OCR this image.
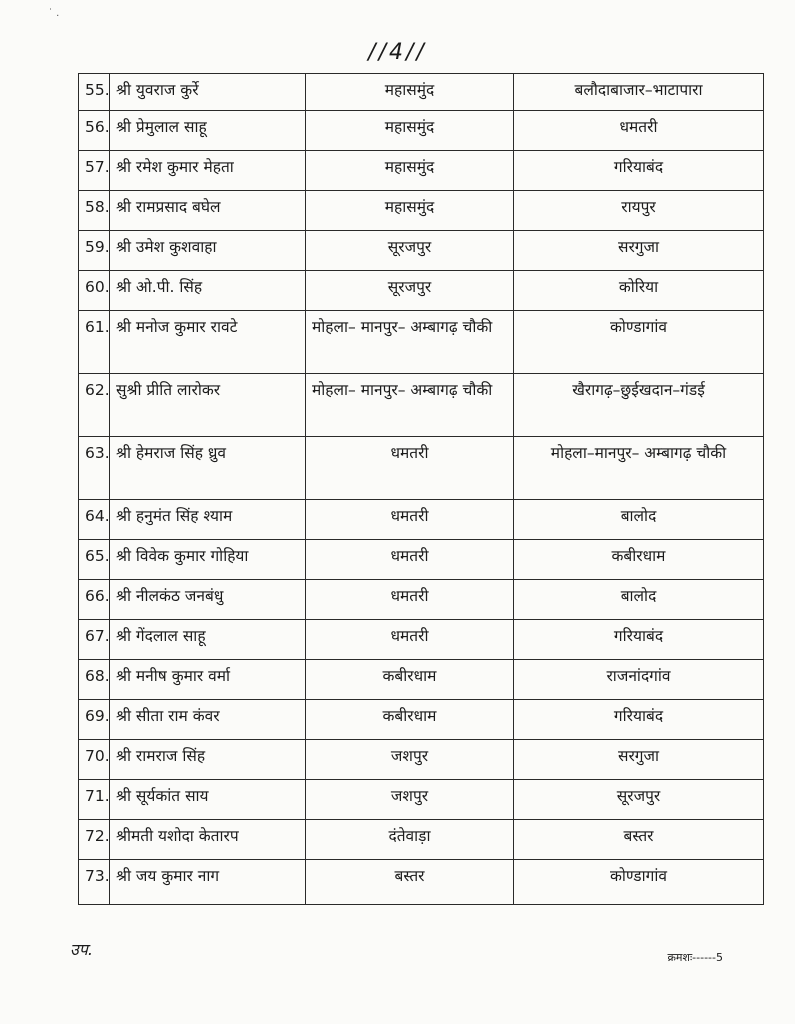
˙ .
//4//
55.	श्री युवराज कुर्रे	महासमुंद	बलौदाबाजार–भाटापारा
56.	श्री प्रेमुलाल साहू	महासमुंद	धमतरी
57.	श्री रमेश कुमार मेहता	महासमुंद	गरियाबंद
58.	श्री रामप्रसाद बघेल	महासमुंद	रायपुर
59.	श्री उमेश कुशवाहा	सूरजपुर	सरगुजा
60.	श्री ओ.पी. सिंह	सूरजपुर	कोरिया
61.	श्री मनोज कुमार रावटे	मोहला– मानपुर– अम्बागढ़ चौकी	कोण्डागांव
62.	सुश्री प्रीति लारोकर	मोहला– मानपुर– अम्बागढ़ चौकी	खैरागढ़–छुईखदान–गंडई
63.	श्री हेमराज सिंह ध्रुव	धमतरी	मोहला–मानपुर– अम्बागढ़ चौकी
64.	श्री हनुमंत सिंह श्याम	धमतरी	बालोद
65.	श्री विवेक कुमार गोहिया	धमतरी	कबीरधाम
66.	श्री नीलकंठ जनबंधु	धमतरी	बालोद
67.	श्री गेंदलाल साहू	धमतरी	गरियाबंद
68.	श्री मनीष कुमार वर्मा	कबीरधाम	राजनांदगांव
69.	श्री सीता राम कंवर	कबीरधाम	गरियाबंद
70.	श्री रामराज सिंह	जशपुर	सरगुजा
71.	श्री सूर्यकांत साय	जशपुर	सूरजपुर
72.	श्रीमती यशोदा केतारप	दंतेवाड़ा	बस्तर
73.	श्री जय कुमार नाग	बस्तर	कोण्डागांव
उप.	क्रमशः------5
